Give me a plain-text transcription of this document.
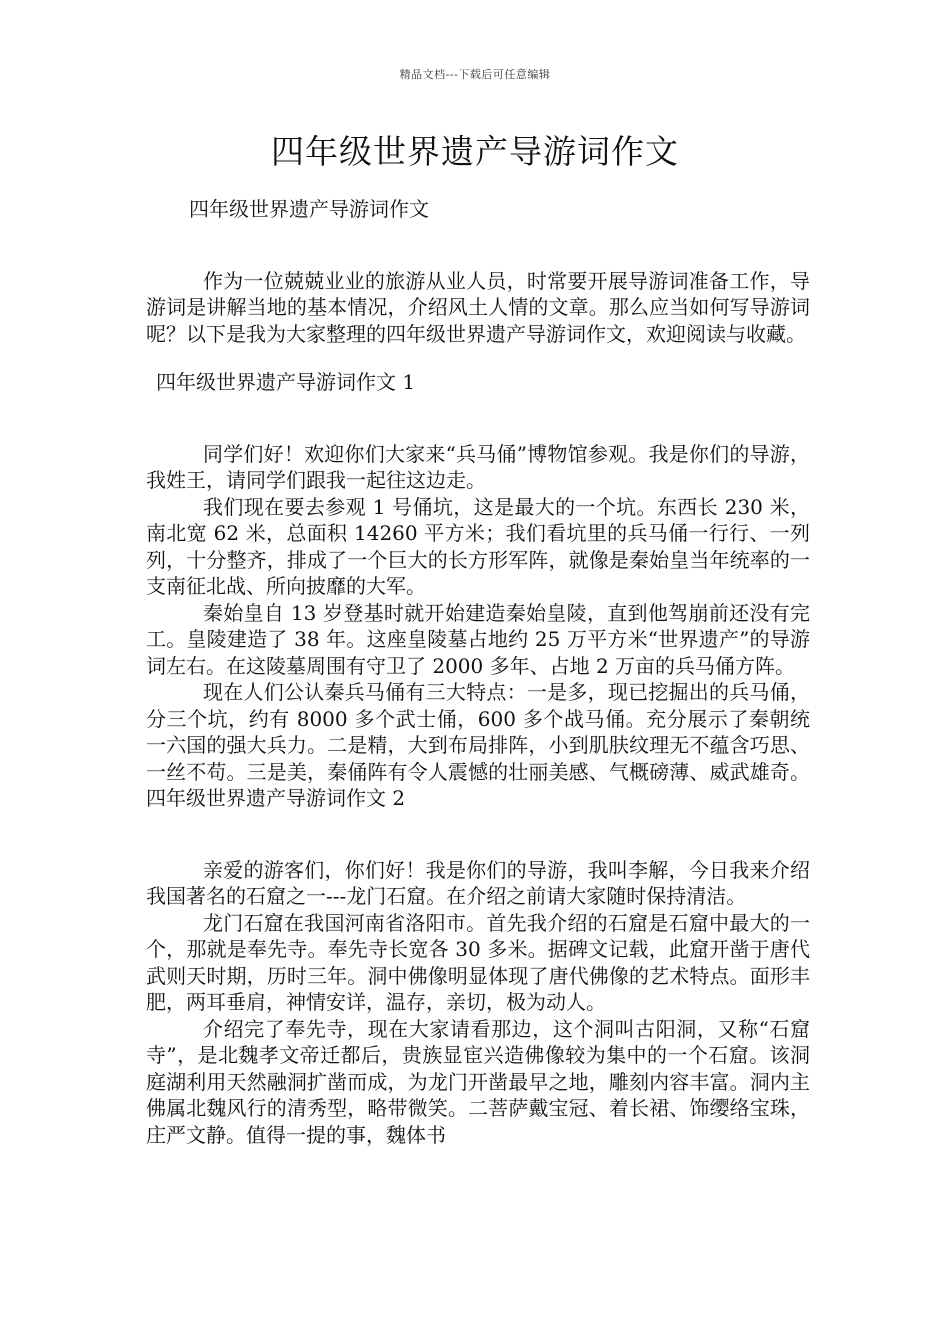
精品文档---下载后可任意编辑
四年级世界遗产导游词作文

四年级世界遗产导游词作文

作为一位兢兢业业的旅游从业人员，时常要开展导游词准备工作，导游词是讲解当地的基本情况，介绍风土人情的文章。那么应当如何写导游词呢？以下是我为大家整理的四年级世界遗产导游词作文，欢迎阅读与收藏。

四年级世界遗产导游词作文 1

同学们好！欢迎你们大家来“兵马俑”博物馆参观。我是你们的导游，我姓王，请同学们跟我一起往这边走。

我们现在要去参观 1 号俑坑，这是最大的一个坑。东西长 230 米，南北宽 62 米，总面积 14260 平方米；我们看坑里的兵马俑一行行、一列列，十分整齐，排成了一个巨大的长方形军阵，就像是秦始皇当年统率的一支南征北战、所向披靡的大军。

秦始皇自 13 岁登基时就开始建造秦始皇陵，直到他驾崩前还没有完工。皇陵建造了 38 年。这座皇陵墓占地约 25 万平方米“世界遗产”的导游词左右。在这陵墓周围有守卫了 2000 多年、占地 2 万亩的兵马俑方阵。

现在人们公认秦兵马俑有三大特点：一是多，现已挖掘出的兵马俑，分三个坑，约有 8000 多个武士俑，600 多个战马俑。充分展示了秦朝统一六国的强大兵力。二是精，大到布局排阵，小到肌肤纹理无不蕴含巧思、一丝不苟。三是美，秦俑阵有令人震憾的壮丽美感、气概磅薄、威武雄奇。四年级世界遗产导游词作文 2

亲爱的游客们，你们好！我是你们的导游，我叫李解，今日我来介绍我国著名的石窟之一---龙门石窟。在介绍之前请大家随时保持清洁。

龙门石窟在我国河南省洛阳市。首先我介绍的石窟是石窟中最大的一个，那就是奉先寺。奉先寺长宽各 30 多米。据碑文记载，此窟开凿于唐代武则天时期，历时三年。洞中佛像明显体现了唐代佛像的艺术特点。面形丰肥，两耳垂肩，神情安详，温存，亲切，极为动人。

介绍完了奉先寺，现在大家请看那边，这个洞叫古阳洞，又称“石窟寺”，是北魏孝文帝迁都后，贵族显宦兴造佛像较为集中的一个石窟。该洞庭湖利用天然融洞扩凿而成，为龙门开凿最早之地，雕刻内容丰富。洞内主佛属北魏风行的清秀型，略带微笑。二菩萨戴宝冠、着长裙、饰缨络宝珠，庄严文静。值得一提的事，魏体书
